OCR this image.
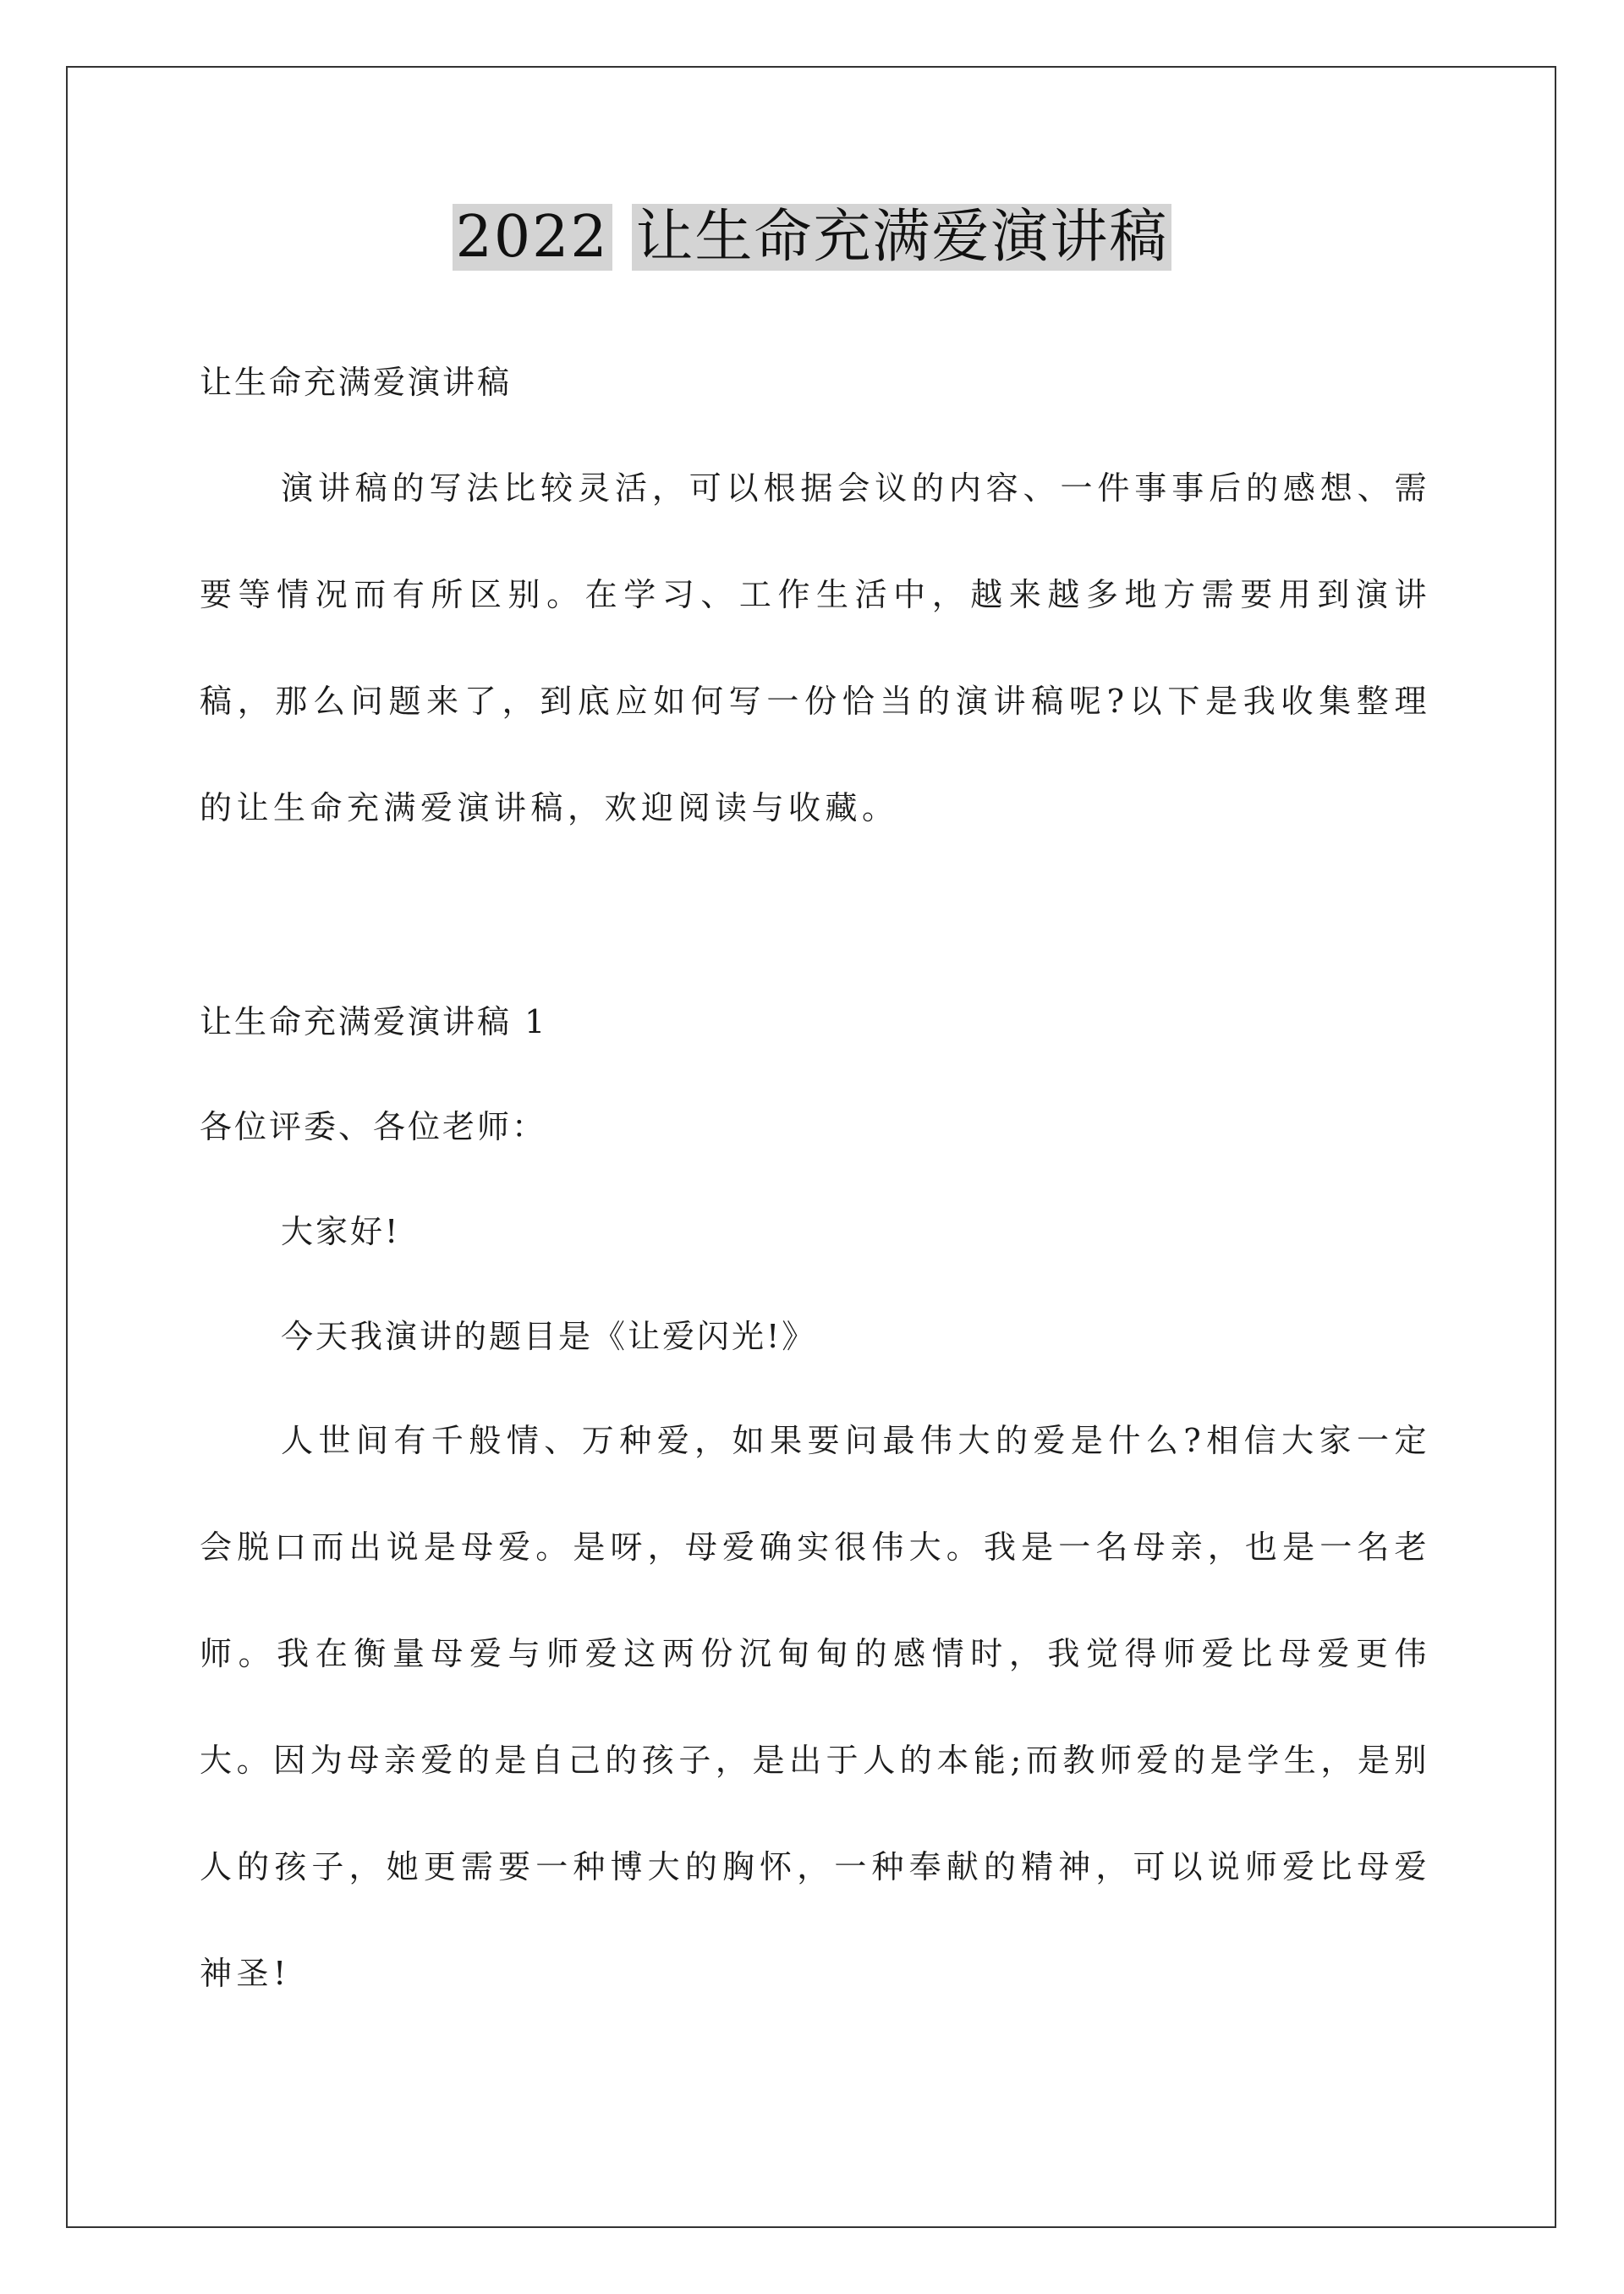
2022 让生命充满爱演讲稿

让生命充满爱演讲稿

演讲稿的写法比较灵活，可以根据会议的内容、一件事事后的感想、需要等情况而有所区别。在学习、工作生活中，越来越多地方需要用到演讲稿，那么问题来了，到底应如何写一份恰当的演讲稿呢?以下是我收集整理的让生命充满爱演讲稿，欢迎阅读与收藏。

让生命充满爱演讲稿 1

各位评委、各位老师：

大家好!

今天我演讲的题目是《让爱闪光!》

人世间有千般情、万种爱，如果要问最伟大的爱是什么?相信大家一定会脱口而出说是母爱。是呀，母爱确实很伟大。我是一名母亲，也是一名老师。我在衡量母爱与师爱这两份沉甸甸的感情时，我觉得师爱比母爱更伟大。因为母亲爱的是自己的孩子，是出于人的本能;而教师爱的是学生，是别人的孩子，她更需要一种博大的胸怀，一种奉献的精神，可以说师爱比母爱神圣!
